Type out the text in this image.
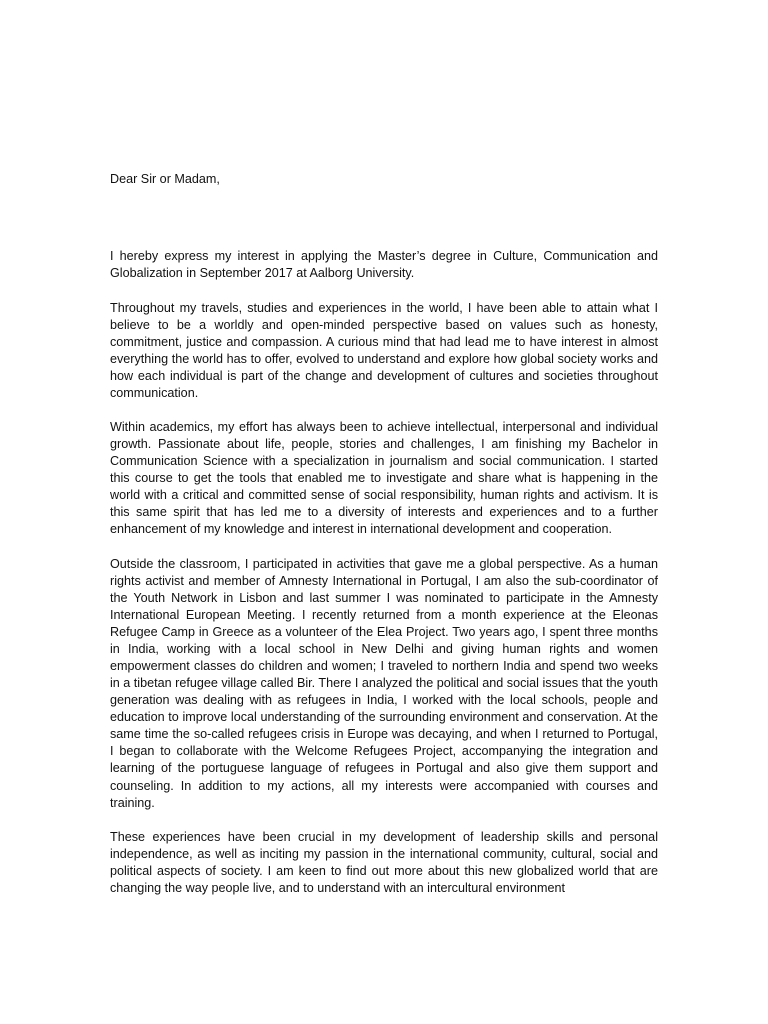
Dear Sir or Madam,

I hereby express my interest in applying the Master’s degree in Culture, Communication and Globalization in September 2017 at Aalborg University.

Throughout my travels, studies and experiences in the world, I have been able to attain what I believe to be a worldly and open-minded perspective based on values such as honesty, commitment, justice and compassion. A curious mind that had lead me to have interest in almost everything the world has to offer, evolved to understand and explore how global society works and how each individual is part of the change and development of cultures and societies throughout communication.

Within academics, my effort has always been to achieve intellectual, interpersonal and individual growth. Passionate about life, people, stories and challenges, I am finishing my Bachelor in Communication Science with a specialization in journalism and social communication. I started this course to get the tools that enabled me to investigate and share what is happening in the world with a critical and committed sense of social responsibility, human rights and activism. It is this same spirit that has led me to a diversity of interests and experiences and to a further enhancement of my knowledge and interest in international development and cooperation.

Outside the classroom, I participated in activities that gave me a global perspective. As a human rights activist and member of Amnesty International in Portugal, I am also the sub-coordinator of the Youth Network in Lisbon and last summer I was nominated to participate in the Amnesty International European Meeting. I recently returned from a month experience at the Eleonas Refugee Camp in Greece as a volunteer of the Elea Project. Two years ago, I spent three months in India, working with a local school in New Delhi and giving human rights and women empowerment classes do children and women; I traveled to northern India and spend two weeks in a tibetan refugee village called Bir. There I analyzed the political and social issues that the youth generation was dealing with as refugees in India, I worked with the local schools, people and education to improve local understanding of the surrounding environment and conservation. At the same time the so-called refugees crisis in Europe was decaying, and when I returned to Portugal, I began to collaborate with the Welcome Refugees Project, accompanying the integration and learning of the portuguese language of refugees in Portugal and also give them support and counseling. In addition to my actions, all my interests were accompanied with courses and training.

These experiences have been crucial in my development of leadership skills and personal independence, as well as inciting my passion in the international community, cultural, social and political aspects of society. I am keen to find out more about this new globalized world that are changing the way people live, and to understand with an intercultural environment
